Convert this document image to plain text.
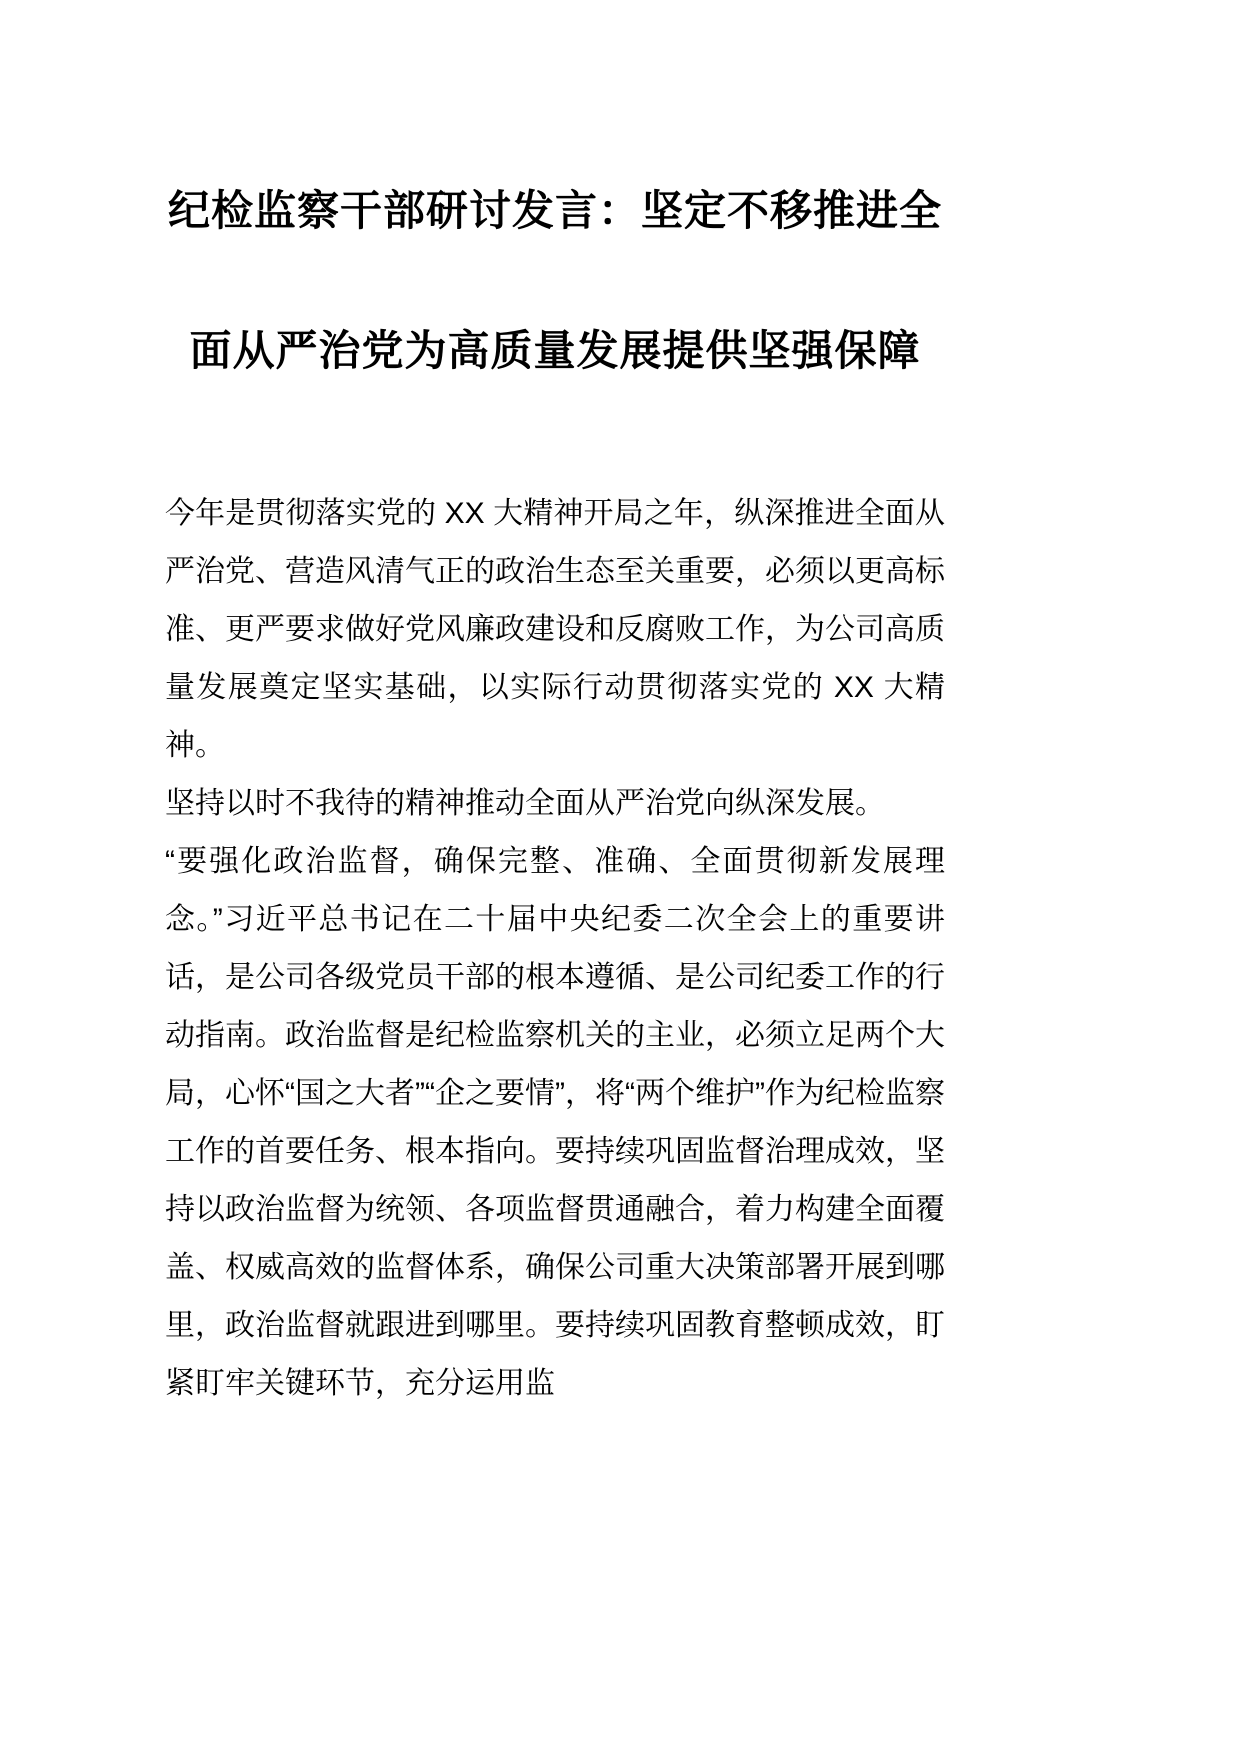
纪检监察干部研讨发言：坚定不移推进全
面从严治党为高质量发展提供坚强保障

今年是贯彻落实党的 XX 大精神开局之年，纵深推进全面从严治党、营造风清气正的政治生态至关重要，必须以更高标准、更严要求做好党风廉政建设和反腐败工作，为公司高质量发展奠定坚实基础，以实际行动贯彻落实党的 XX 大精神。

坚持以时不我待的精神推动全面从严治党向纵深发展。

“要强化政治监督，确保完整、准确、全面贯彻新发展理念。”习近平总书记在二十届中央纪委二次全会上的重要讲话，是公司各级党员干部的根本遵循、是公司纪委工作的行动指南。政治监督是纪检监察机关的主业，必须立足两个大局，心怀“国之大者”“企之要情”，将“两个维护”作为纪检监察工作的首要任务、根本指向。要持续巩固监督治理成效，坚持以政治监督为统领、各项监督贯通融合，着力构建全面覆盖、权威高效的监督体系，确保公司重大决策部署开展到哪里，政治监督就跟进到哪里。要持续巩固教育整顿成效，盯紧盯牢关键环节，充分运用监
